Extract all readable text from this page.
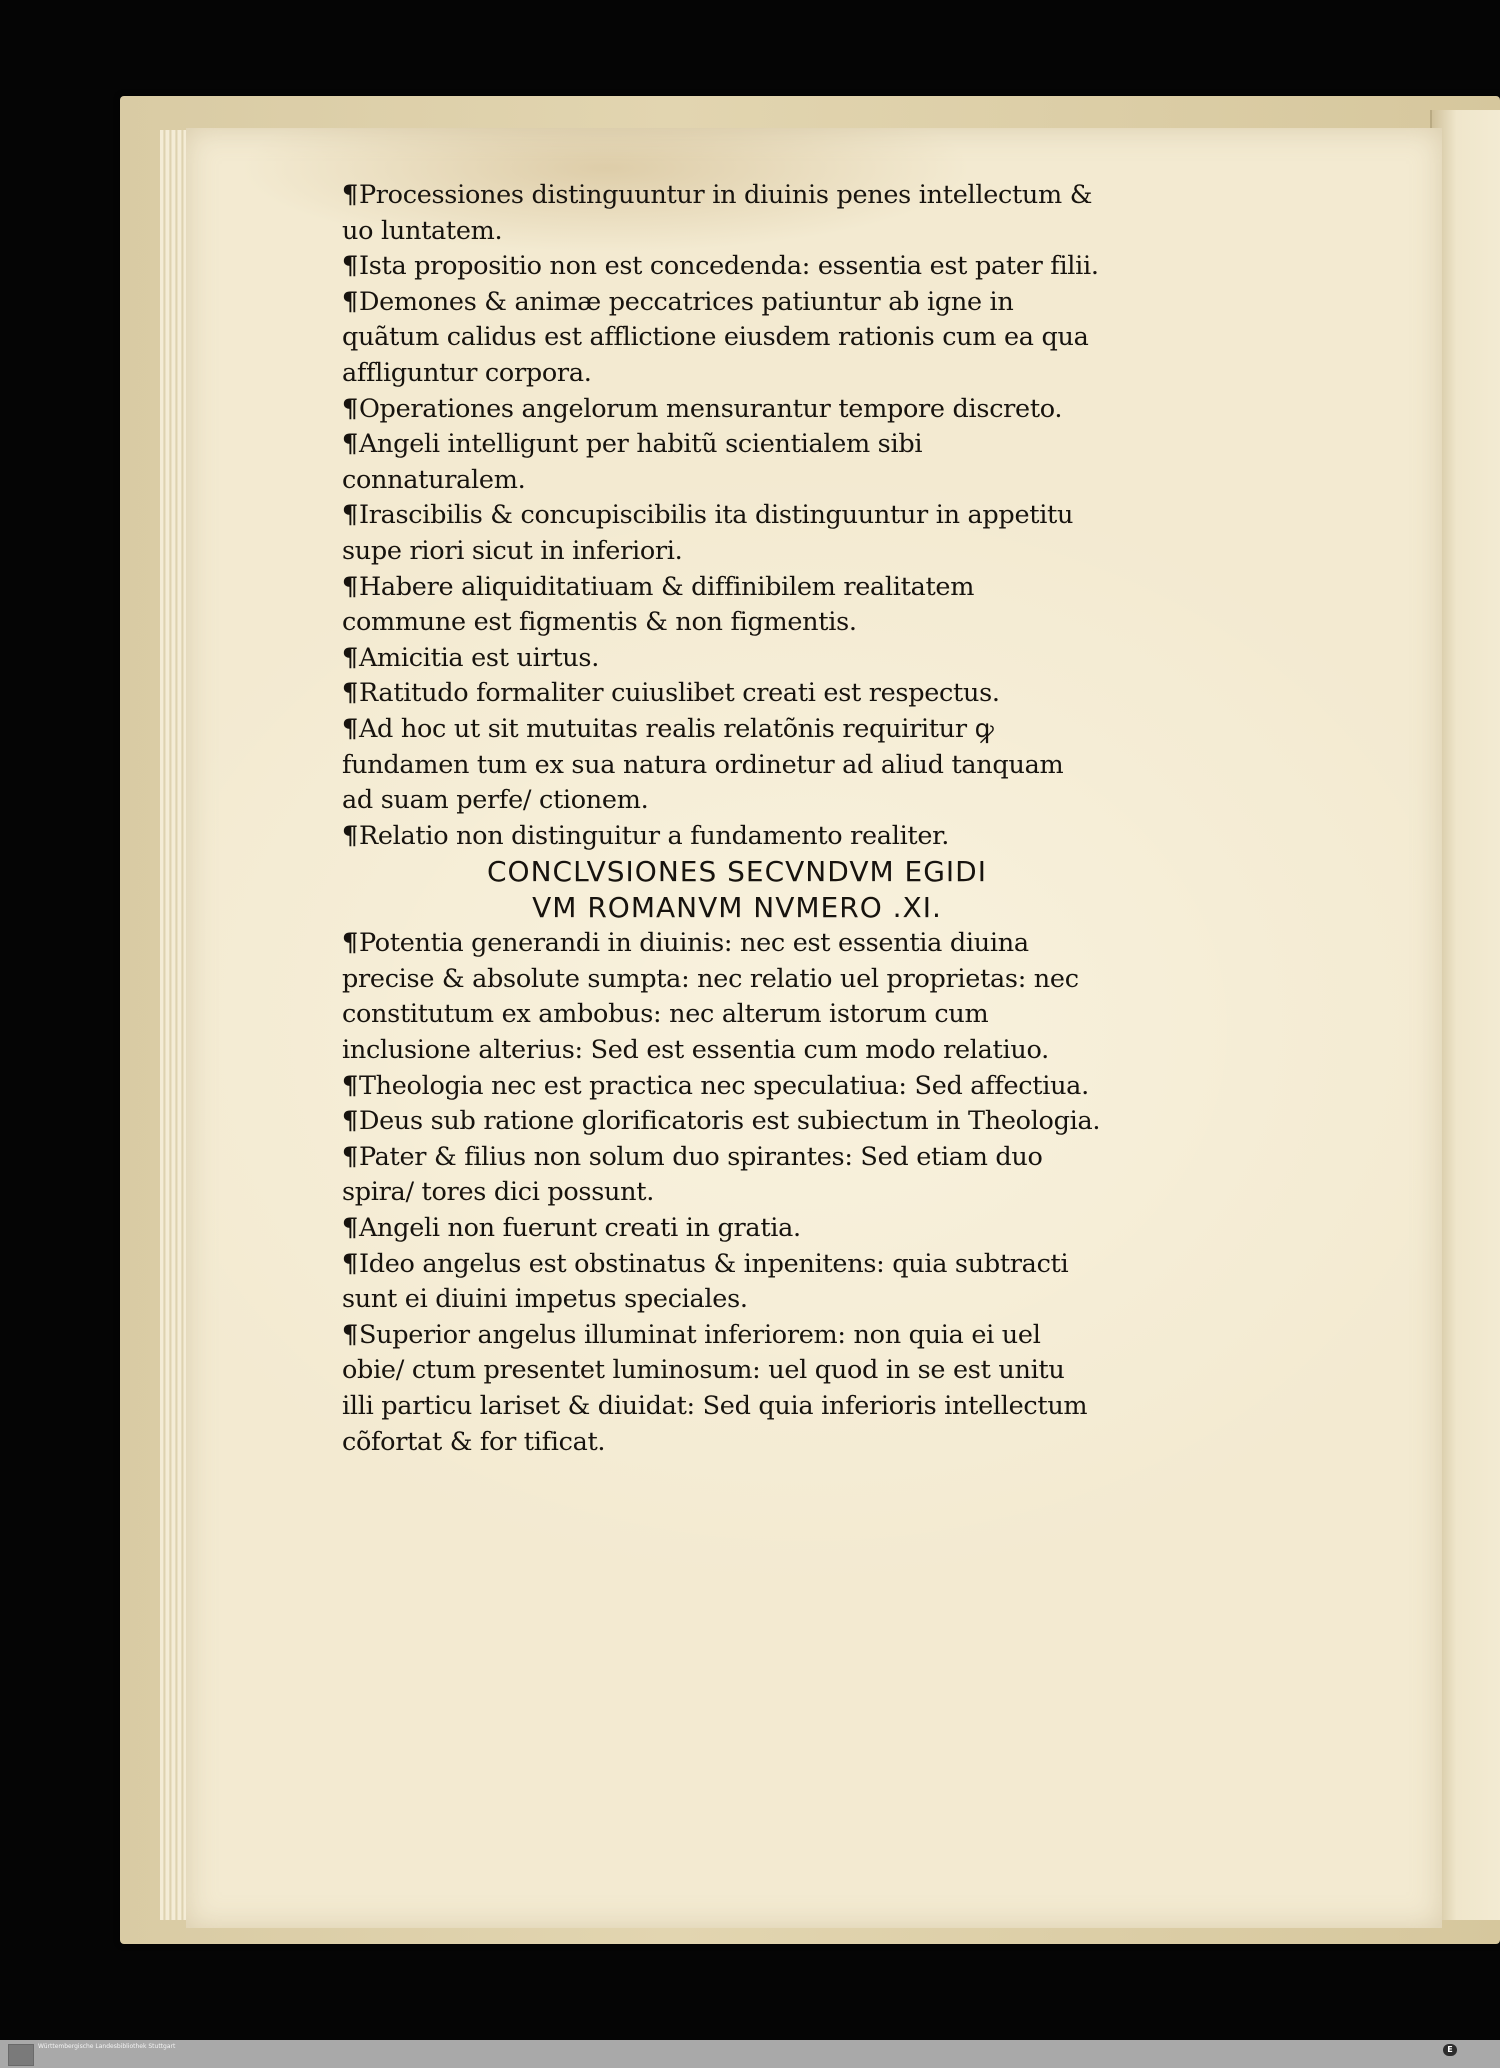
¶Processiones distinguuntur in diuinis penes intellectum & uo luntatem.
¶Ista propositio non est concedenda: essentia est pater filii.
¶Demones & animæ peccatrices patiuntur ab igne in quãtum calidus est afflictione eiusdem rationis cum ea qua affliguntur corpora.
¶Operationes angelorum mensurantur tempore discreto.
¶Angeli intelligunt per habitũ scientialem sibi connaturalem.
¶Irascibilis & concupiscibilis ita distinguuntur in appetitu supe riori sicut in inferiori.
¶Habere aliquiditatiuam & diffinibilem realitatem commune est figmentis & non figmentis.
¶Amicitia est uirtus.
¶Ratitudo formaliter cuiuslibet creati est respectus.
¶Ad hoc ut sit mutuitas realis relatõnis requiritur ꝙ fundamen tum ex sua natura ordinetur ad aliud tanquam ad suam perfe/ ctionem.
¶Relatio non distinguitur a fundamento realiter.
CONCLVSIONES SECVNDVM EGIDI
VM ROMANVM NVMERO .XI.
¶Potentia generandi in diuinis: nec est essentia diuina precise & absolute sumpta: nec relatio uel proprietas: nec constitutum ex ambobus: nec alterum istorum cum inclusione alterius: Sed est essentia cum modo relatiuo.
¶Theologia nec est practica nec speculatiua: Sed affectiua.
¶Deus sub ratione glorificatoris est subiectum in Theologia.
¶Pater & filius non solum duo spirantes: Sed etiam duo spira/ tores dici possunt.
¶Angeli non fuerunt creati in gratia.
¶Ideo angelus est obstinatus & inpenitens: quia subtracti sunt ei diuini impetus speciales.
¶Superior angelus illuminat inferiorem: non quia ei uel obie/ ctum presentet luminosum: uel quod in se est unitu illi particu lariset & diuidat: Sed quia inferioris intellectum cõfortat & for tificat.
Württembergische Landesbibliothek Stuttgart	E
